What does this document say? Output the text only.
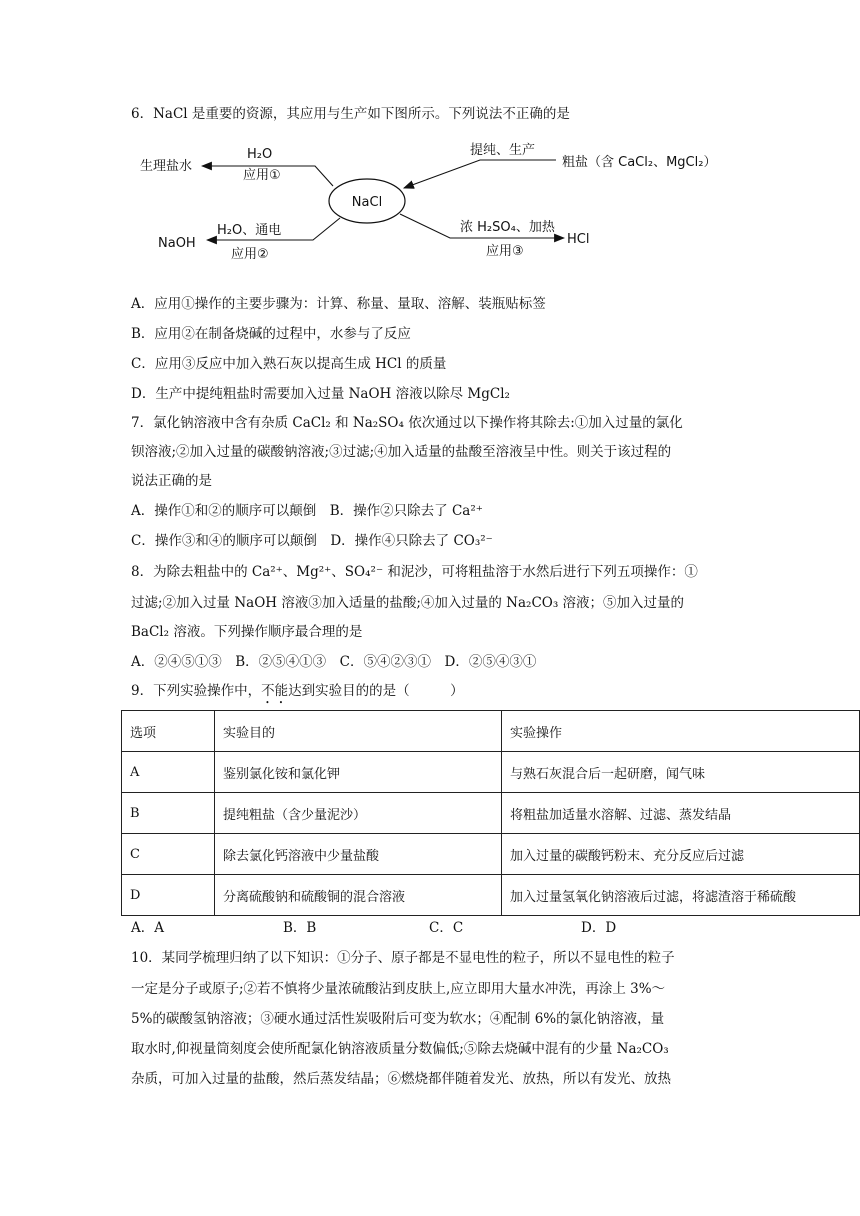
6．NaCl 是重要的资源，其应用与生产如下图所示。下列说法不正确的是
NaCl
生理盐水
H₂O
应用①
NaOH
H₂O、通电
应用②
提纯、生产
粗盐（含 CaCl₂、MgCl₂）
浓 H₂SO₄、加热
应用③
HCl
A．应用①操作的主要步骤为：计算、称量、量取、溶解、装瓶贴标签
B．应用②在制备烧碱的过程中，水参与了反应
C．应用③反应中加入熟石灰以提高生成 HCl 的质量
D．生产中提纯粗盐时需要加入过量 NaOH 溶液以除尽 MgCl₂
7．氯化钠溶液中含有杂质 CaCl₂ 和 Na₂SO₄ 依次通过以下操作将其除去:①加入过量的氯化
钡溶液;②加入过量的碳酸钠溶液;③过滤;④加入适量的盐酸至溶液呈中性。则关于该过程的
说法正确的是
A．操作①和②的顺序可以颠倒　B．操作②只除去了 Ca²⁺
C．操作③和④的顺序可以颠倒　D．操作④只除去了 CO₃²⁻
8．为除去粗盐中的 Ca²⁺、Mg²⁺、SO₄²⁻ 和泥沙，可将粗盐溶于水然后进行下列五项操作：①
过滤;②加入过量 NaOH 溶液③加入适量的盐酸;④加入过量的 Na₂CO₃ 溶液；⑤加入过量的
BaCl₂ 溶液。下列操作顺序最合理的是
A．②④⑤①③　B．②⑤④①③　C．⑤④②③①　D．②⑤④③①
9．下列实验操作中，不能达到实验目的的是（　　　）
选项	实验目的	实验操作
A	鉴别氯化铵和氯化钾	与熟石灰混合后一起研磨，闻气味
B	提纯粗盐（含少量泥沙）	将粗盐加适量水溶解、过滤、蒸发结晶
C	除去氯化钙溶液中少量盐酸	加入过量的碳酸钙粉末、充分反应后过滤
D	分离硫酸钠和硫酸铜的混合溶液	加入过量氢氧化钠溶液后过滤，将滤渣溶于稀硫酸
A．A	B．B	C．C	D．D
10．某同学梳理归纳了以下知识：①分子、原子都是不显电性的粒子，所以不显电性的粒子
一定是分子或原子;②若不慎将少量浓硫酸沾到皮肤上,应立即用大量水冲洗，再涂上 3%～
5%的碳酸氢钠溶液；③硬水通过活性炭吸附后可变为软水；④配制 6%的氯化钠溶液，量
取水时,仰视量筒刻度会使所配氯化钠溶液质量分数偏低;⑤除去烧碱中混有的少量 Na₂CO₃
杂质，可加入过量的盐酸，然后蒸发结晶；⑥燃烧都伴随着发光、放热，所以有发光、放热
